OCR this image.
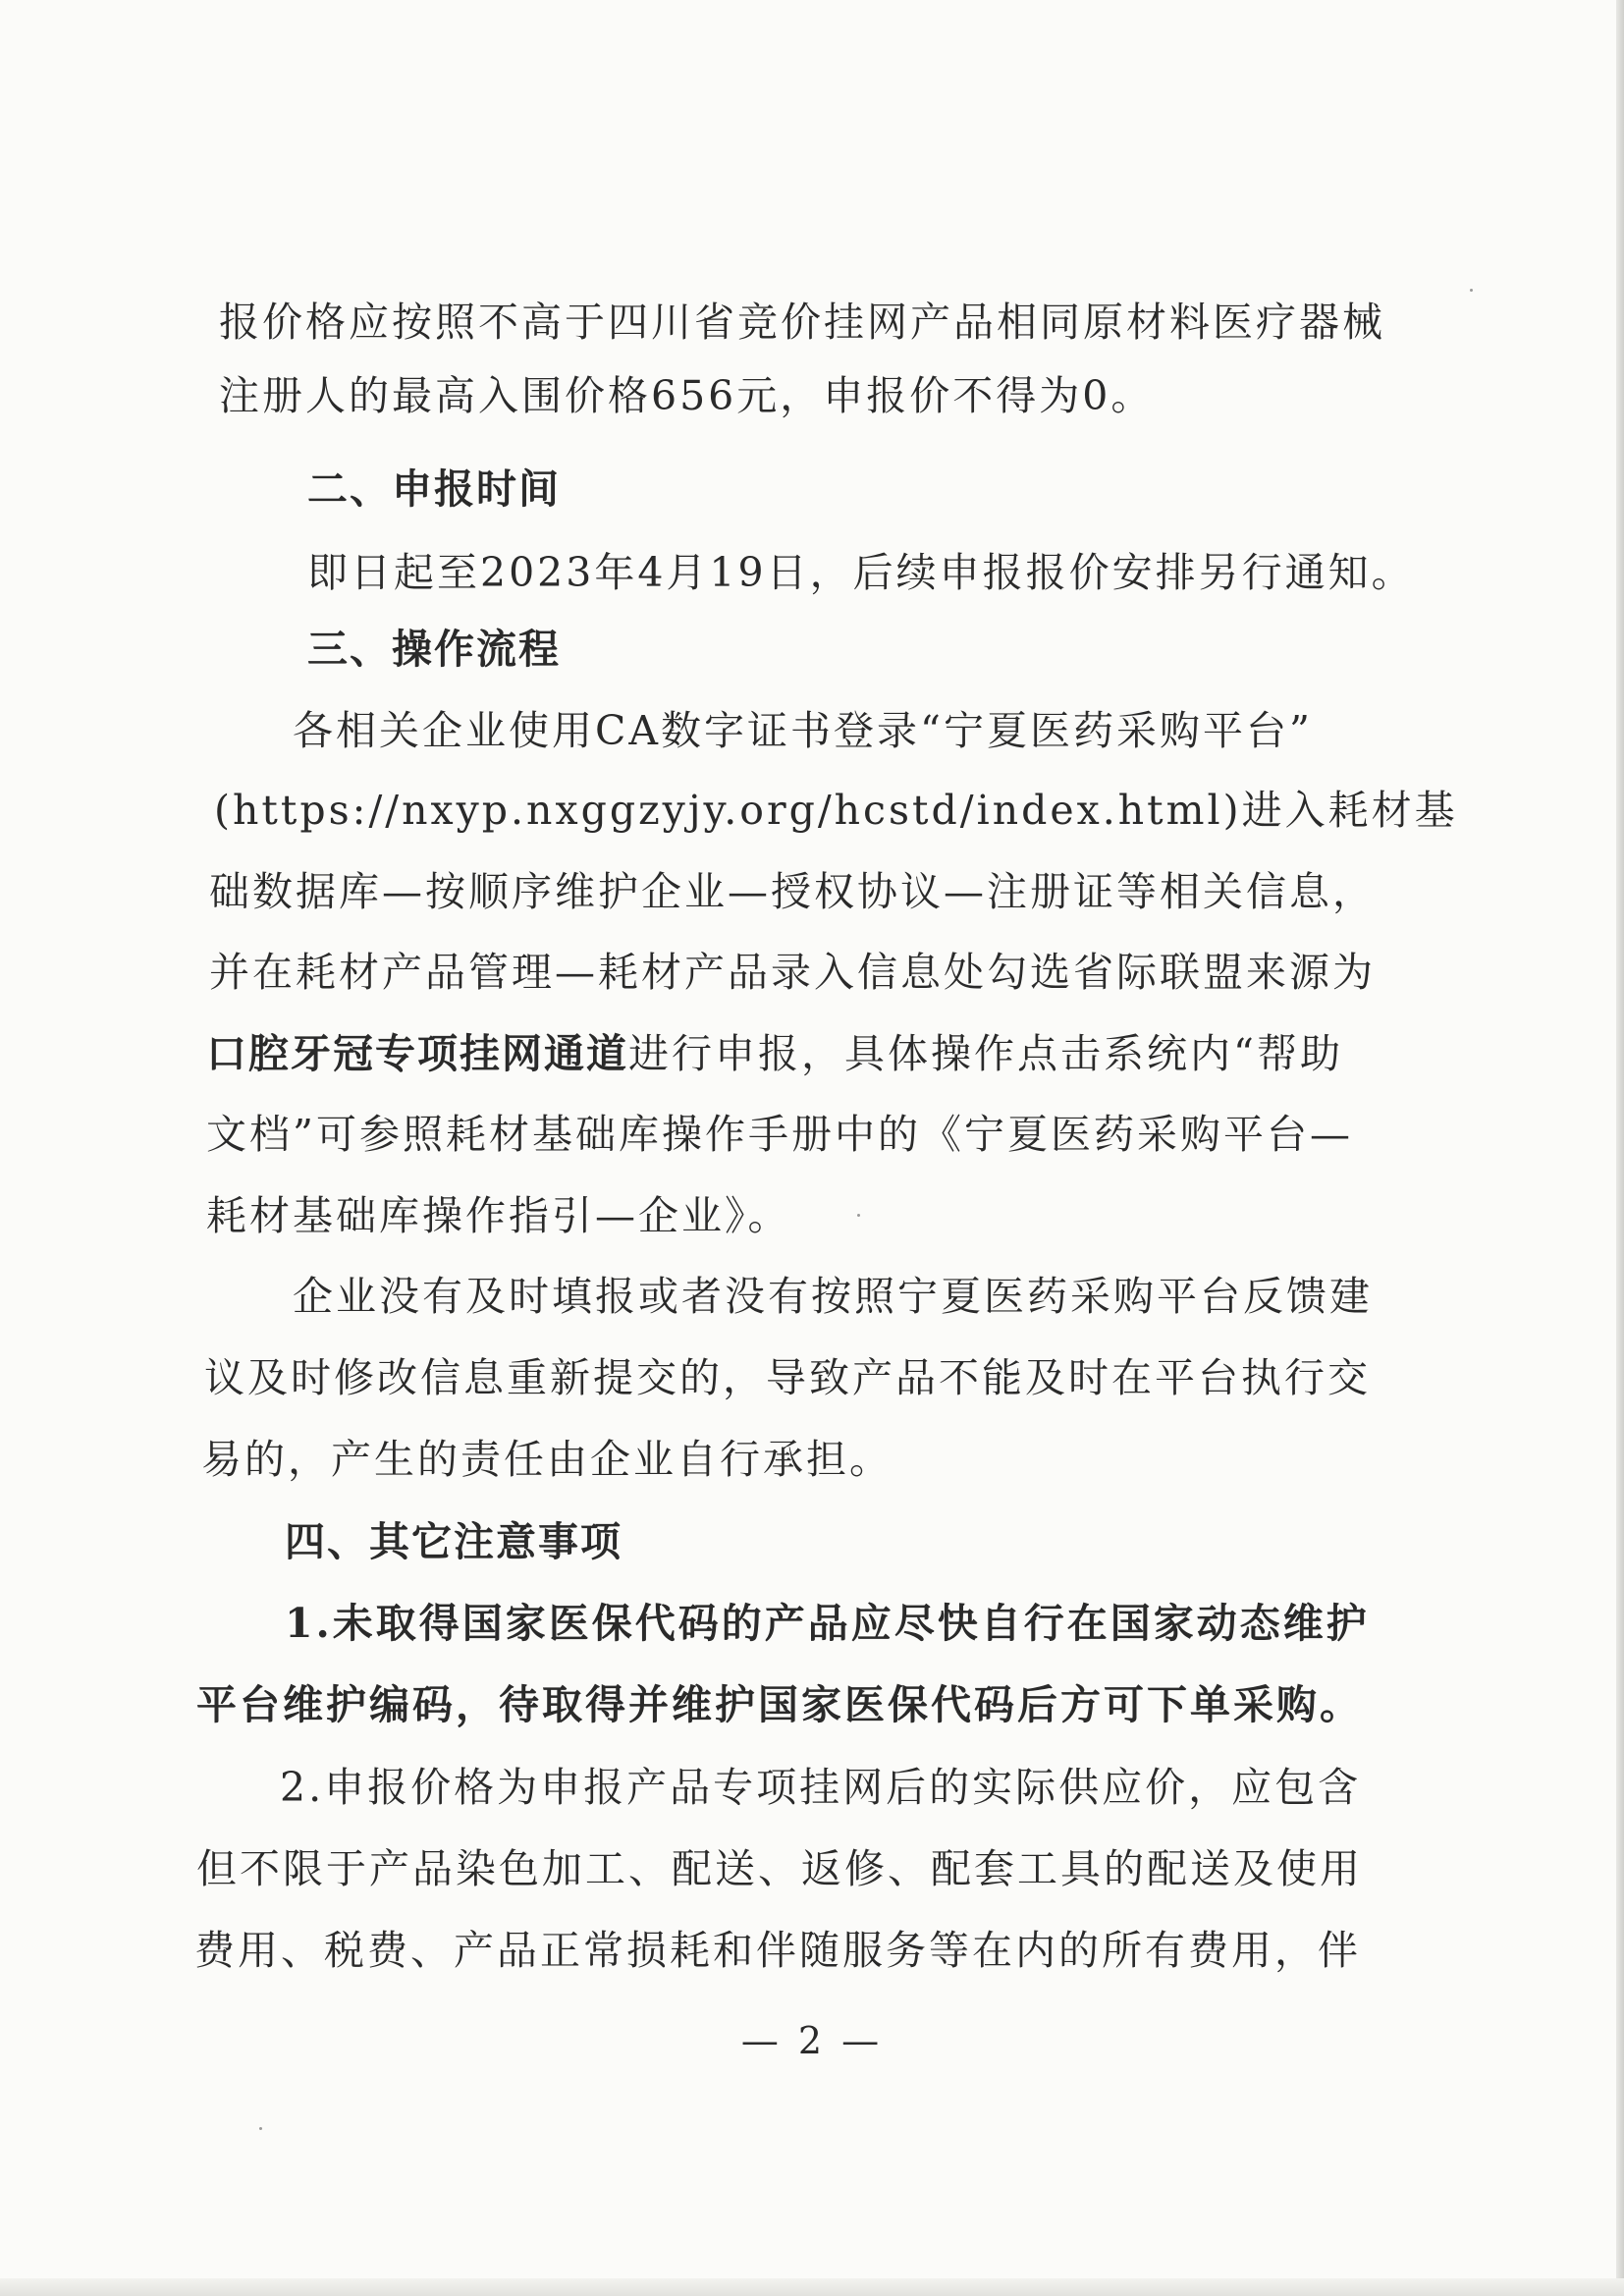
报价格应按照不高于四川省竞价挂网产品相同原材料医疗器械
注册人的最高入围价格656元，申报价不得为0。
二、申报时间
即日起至2023年4月19日，后续申报报价安排另行通知。
三、操作流程
各相关企业使用CA数字证书登录“宁夏医药采购平台”
(https://nxyp.nxggzyjy.org/hcstd/index.html)进入耗材基
础数据库—按顺序维护企业—授权协议—注册证等相关信息，
并在耗材产品管理—耗材产品录入信息处勾选省际联盟来源为
口腔牙冠专项挂网通道进行申报，具体操作点击系统内“帮助
文档”可参照耗材基础库操作手册中的《宁夏医药采购平台—
耗材基础库操作指引—企业》。
企业没有及时填报或者没有按照宁夏医药采购平台反馈建
议及时修改信息重新提交的，导致产品不能及时在平台执行交
易的，产生的责任由企业自行承担。
四、其它注意事项
1.未取得国家医保代码的产品应尽快自行在国家动态维护
平台维护编码，待取得并维护国家医保代码后方可下单采购。
2.申报价格为申报产品专项挂网后的实际供应价，应包含
但不限于产品染色加工、配送、返修、配套工具的配送及使用
费用、税费、产品正常损耗和伴随服务等在内的所有费用，伴
— 2 —
